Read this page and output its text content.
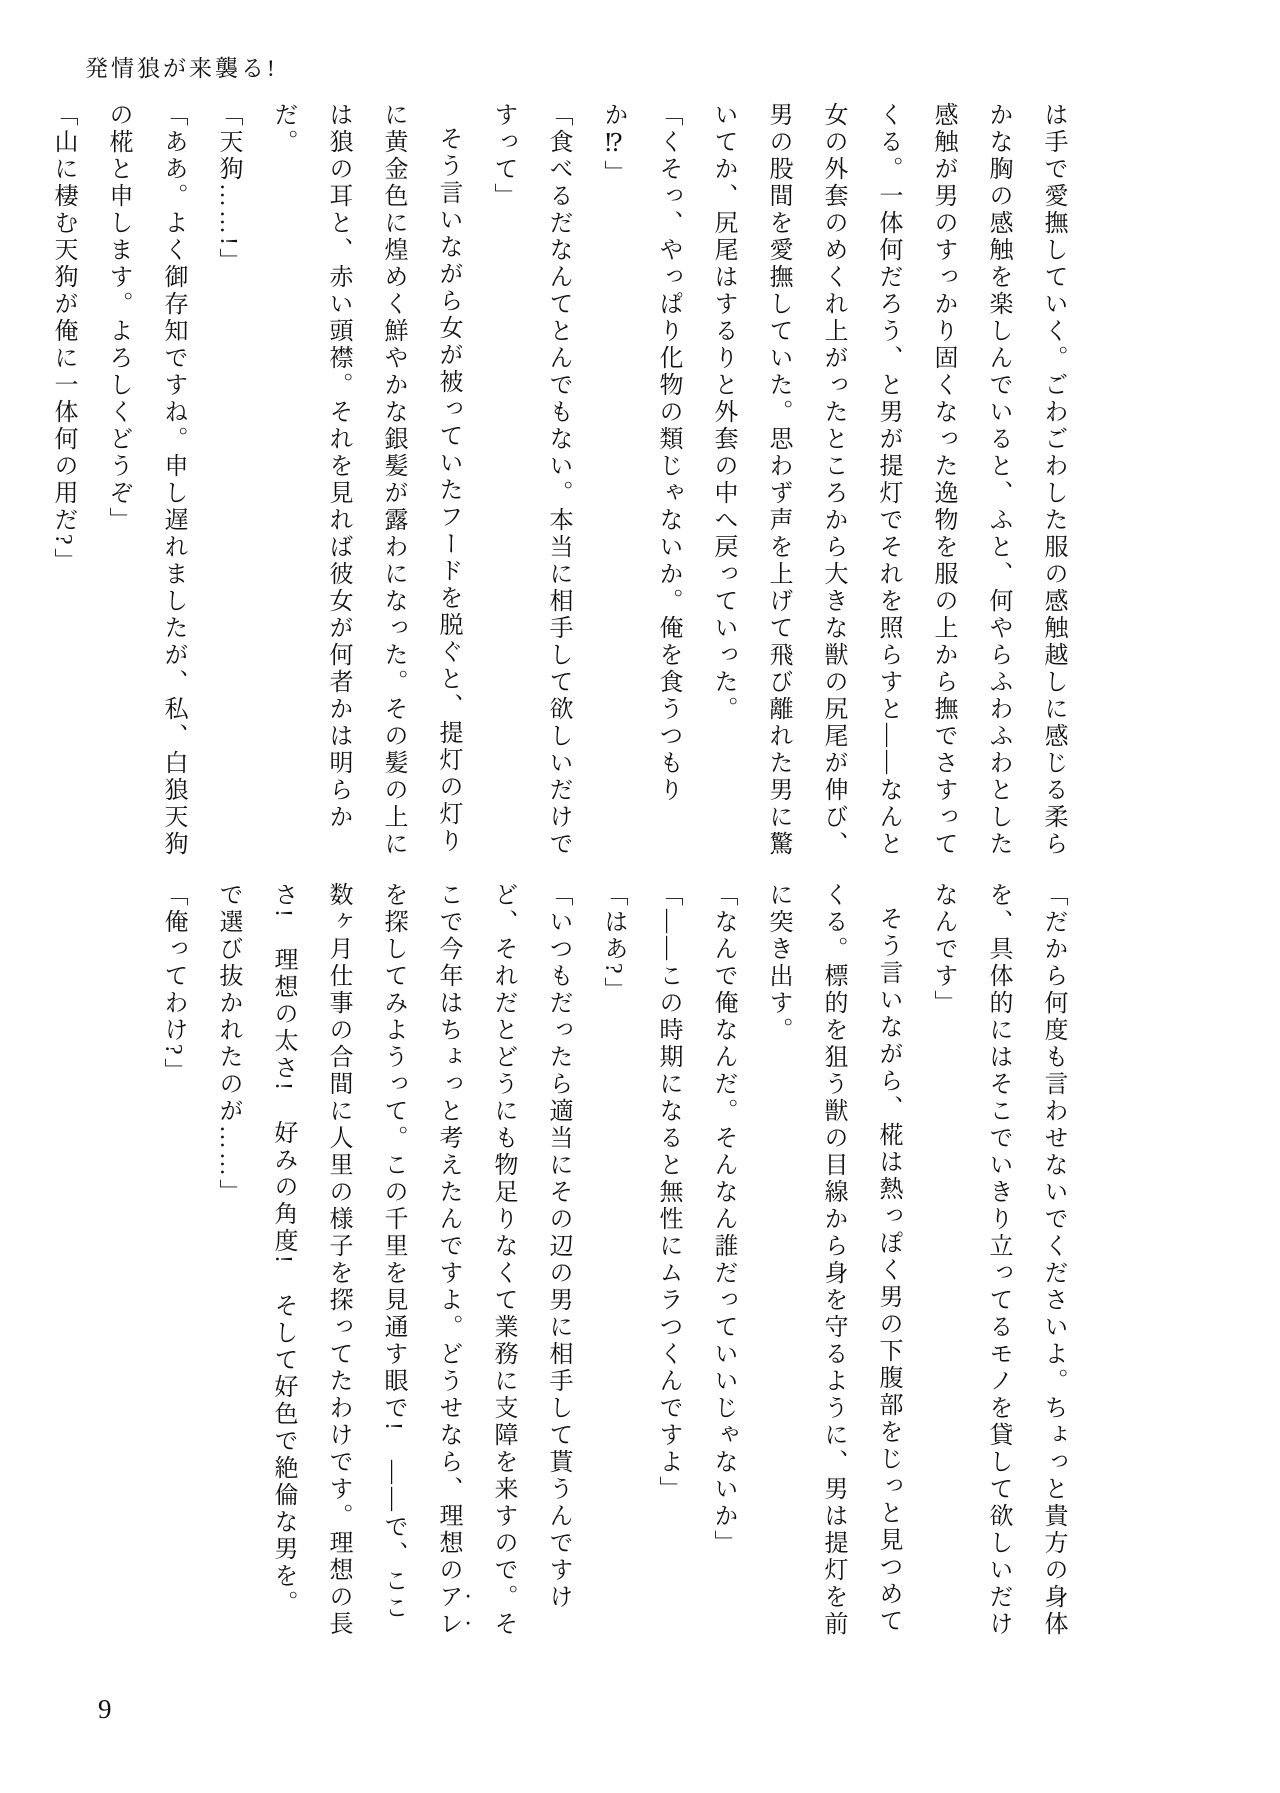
発情狼が来襲る!

は手で愛撫していく。ごわごわした服の感触越しに感じる柔らかな胸の感触を楽しんでいると、ふと、何やらふわふわとした感触が男のすっかり固くなった逸物を服の上から撫でさすってくる。一体何だろう、と男が提灯でそれを照らすと――なんと女の外套のめくれ上がったところから大きな獣の尻尾が伸び、男の股間を愛撫していた。思わず声を上げて飛び離れた男に驚いてか、尻尾はするりと外套の中へ戻っていった。

「くそっ、やっぱり化物の類じゃないか。俺を食うつもりか⁉」

「食べるだなんてとんでもない。本当に相手して欲しいだけですって」

そう言いながら女が被っていたフードを脱ぐと、提灯の灯りに黄金色に煌めく鮮やかな銀髪が露わになった。その髪の上には狼の耳と、赤い頭襟。それを見れば彼女が何者かは明らかだ。

「天狗……!」

「ああ。よく御存知ですね。申し遅れましたが、私、白狼天狗の椛と申します。よろしくどうぞ」

「山に棲む天狗が俺に一体何の用だ?」

「だから何度も言わせないでくださいよ。ちょっと貴方の身体を、具体的にはそこでいきり立ってるモノを貸して欲しいだけなんです」

そう言いながら、椛は熱っぽく男の下腹部をじっと見つめてくる。標的を狙う獣の目線から身を守るように、男は提灯を前に突き出す。

「なんで俺なんだ。そんなん誰だっていいじゃないか」

「――この時期になると無性にムラつくんですよ」

「はあ?」

「いつもだったら適当にその辺の男に相手して貰うんですけど、それだとどうにも物足りなくて業務に支障を来すので。そこで今年はちょっと考えたんですよ。どうせなら、理想のアレを探してみようって。この千里を見通す眼で!　――で、ここ数ヶ月仕事の合間に人里の様子を探ってたわけです。理想の長さ!　理想の太さ!　好みの角度!　そして好色で絶倫な男を。で選び抜かれたのが……」

「俺ってわけ?」

9
